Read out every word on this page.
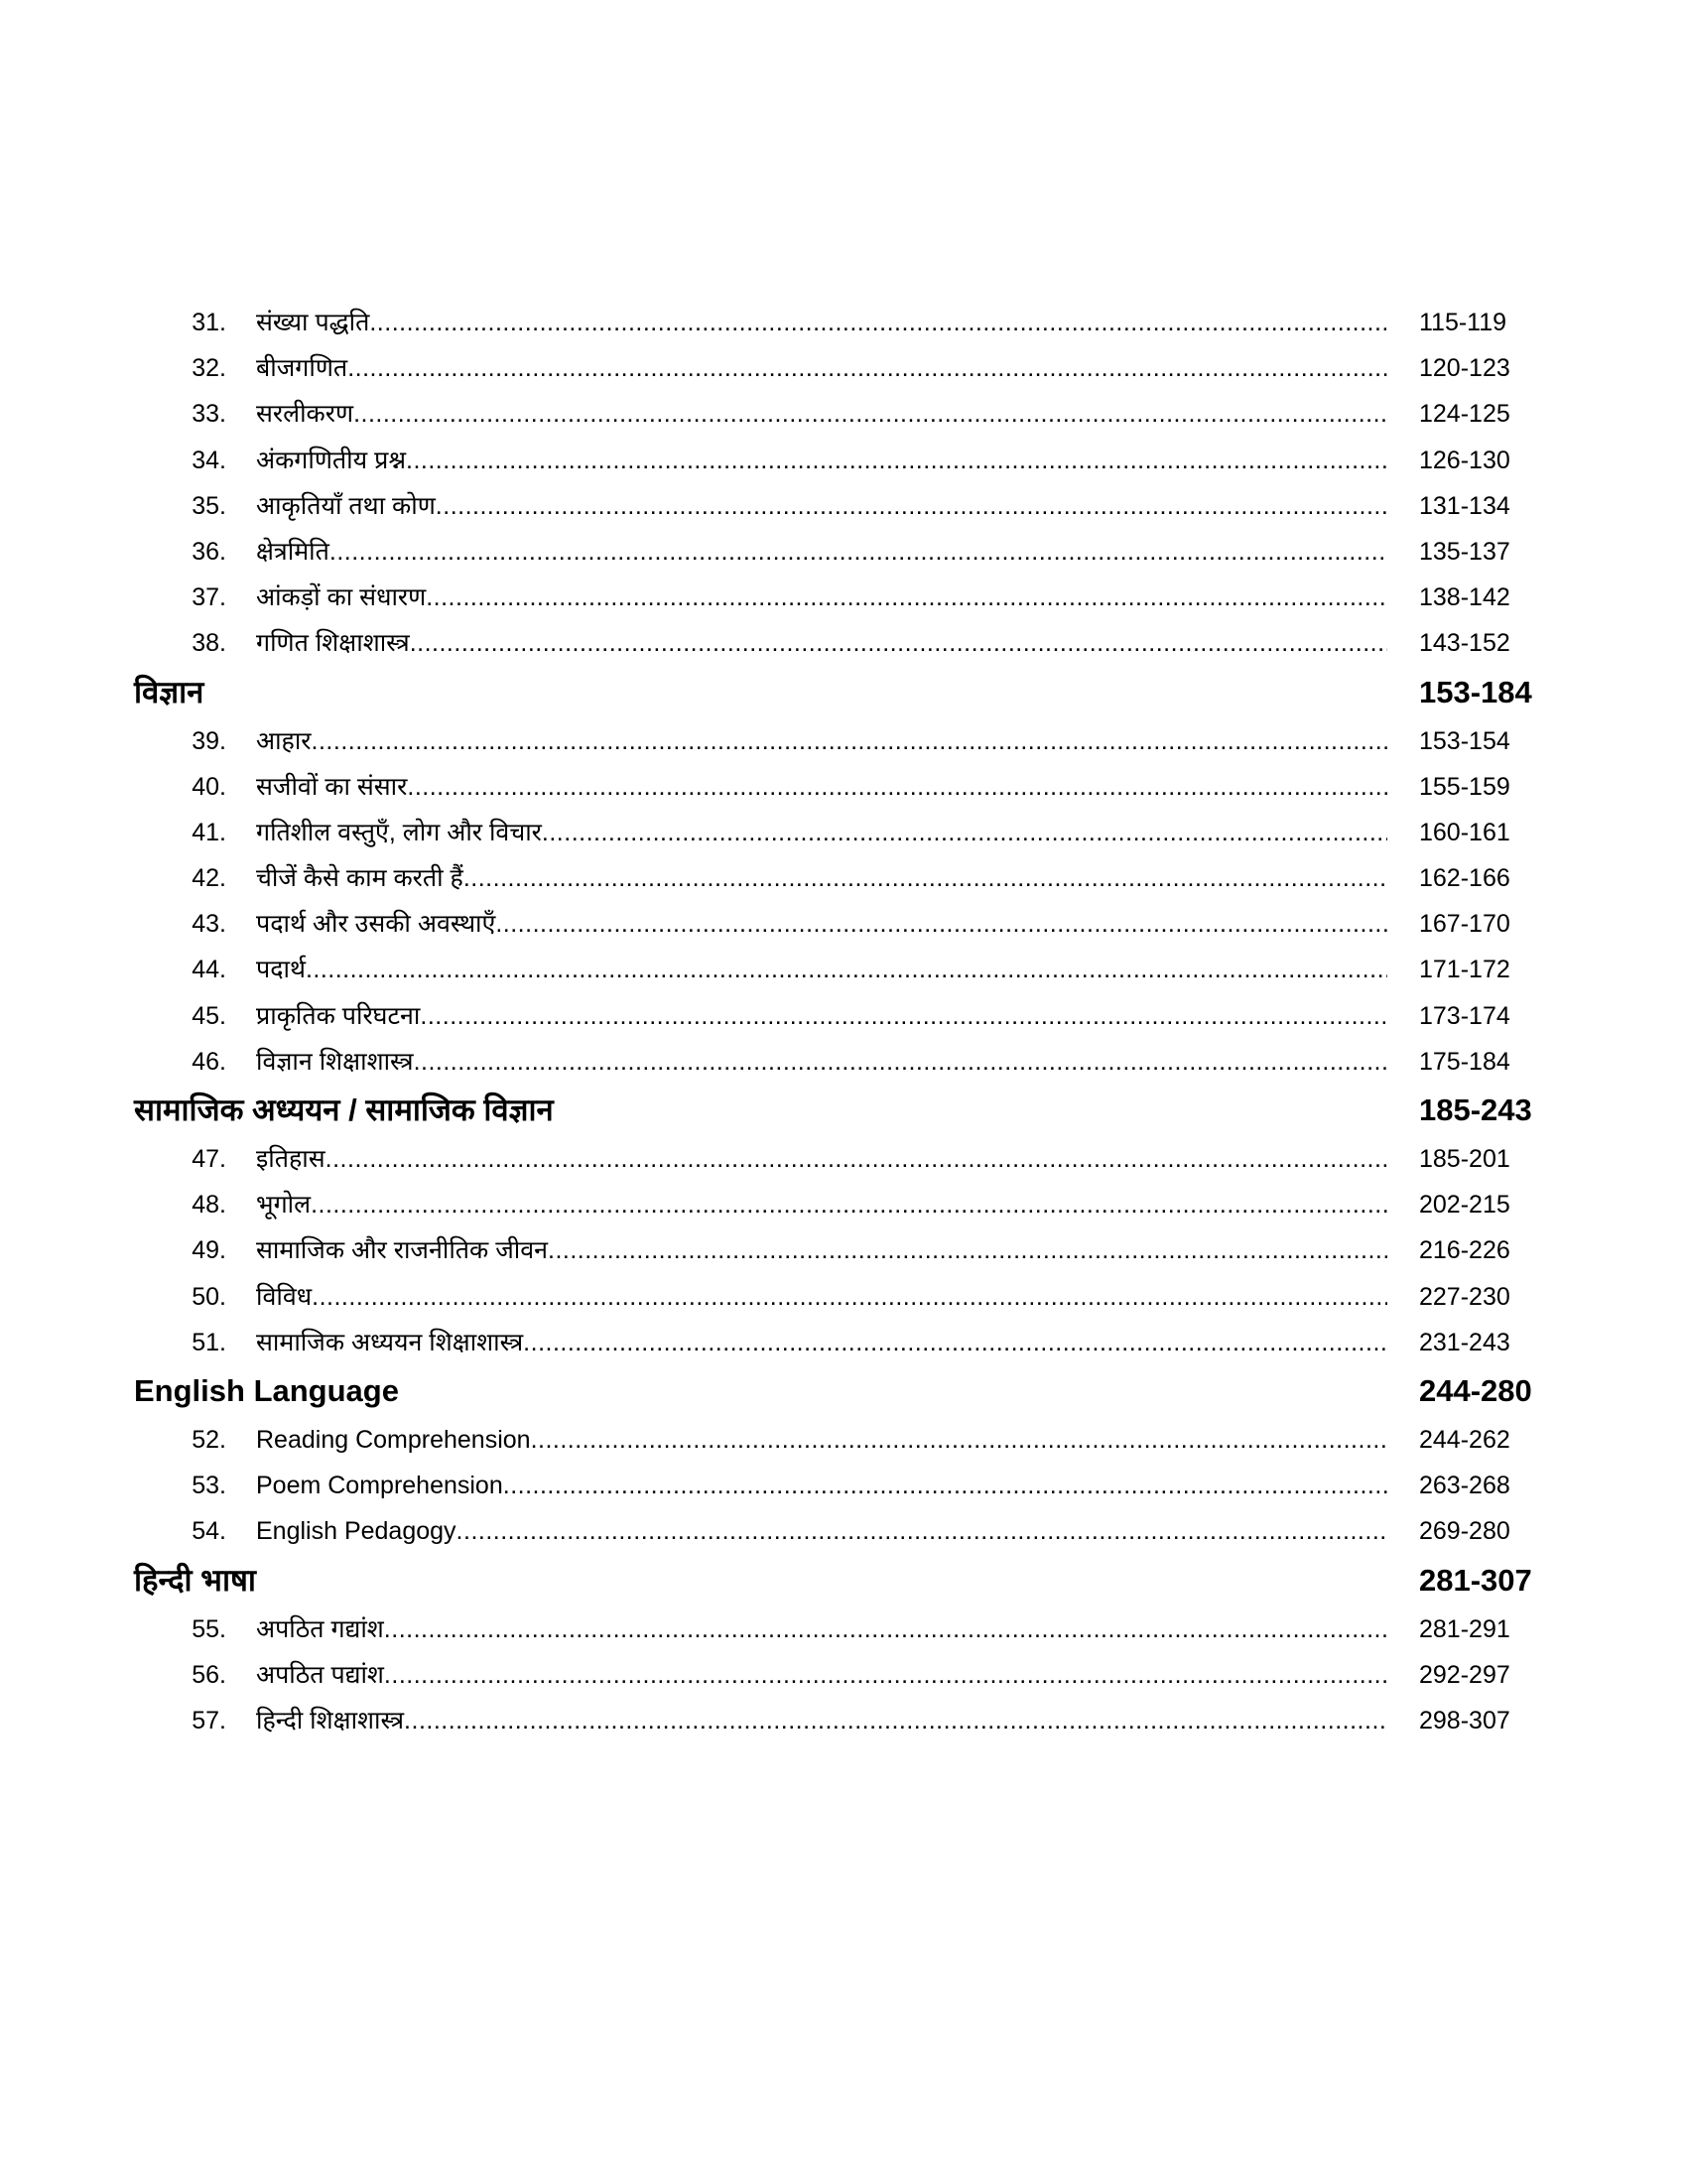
31. संख्या पद्धति .....	115-119
32. बीजगणित .....	120-123
33. सरलीकरण .....	124-125
34. अंकगणितीय प्रश्न .....	126-130
35. आकृतियाँ तथा कोण .....	131-134
36. क्षेत्रमिति .....	135-137
37. आंकड़ों का संधारण .....	138-142
38. गणित शिक्षाशास्त्र .....	143-152
विज्ञान	153-184
39. आहार .....	153-154
40. सजीवों का संसार .....	155-159
41. गतिशील वस्तुएँ, लोग और विचार .....	160-161
42. चीजें कैसे काम करती हैं .....	162-166
43. पदार्थ और उसकी अवस्थाएँ .....	167-170
44. पदार्थ .....	171-172
45. प्राकृतिक परिघटना .....	173-174
46. विज्ञान शिक्षाशास्त्र .....	175-184
सामाजिक अध्ययन / सामाजिक विज्ञान	185-243
47. इतिहास .....	185-201
48. भूगोल .....	202-215
49. सामाजिक और राजनीतिक जीवन .....	216-226
50. विविध .....	227-230
51. सामाजिक अध्ययन शिक्षाशास्त्र .....	231-243
English Language	244-280
52. Reading Comprehension .....	244-262
53. Poem Comprehension .....	263-268
54. English Pedagogy .....	269-280
हिन्दी भाषा	281-307
55. अपठित गद्यांश .....	281-291
56. अपठित पद्यांश .....	292-297
57. हिन्दी शिक्षाशास्त्र .....	298-307
